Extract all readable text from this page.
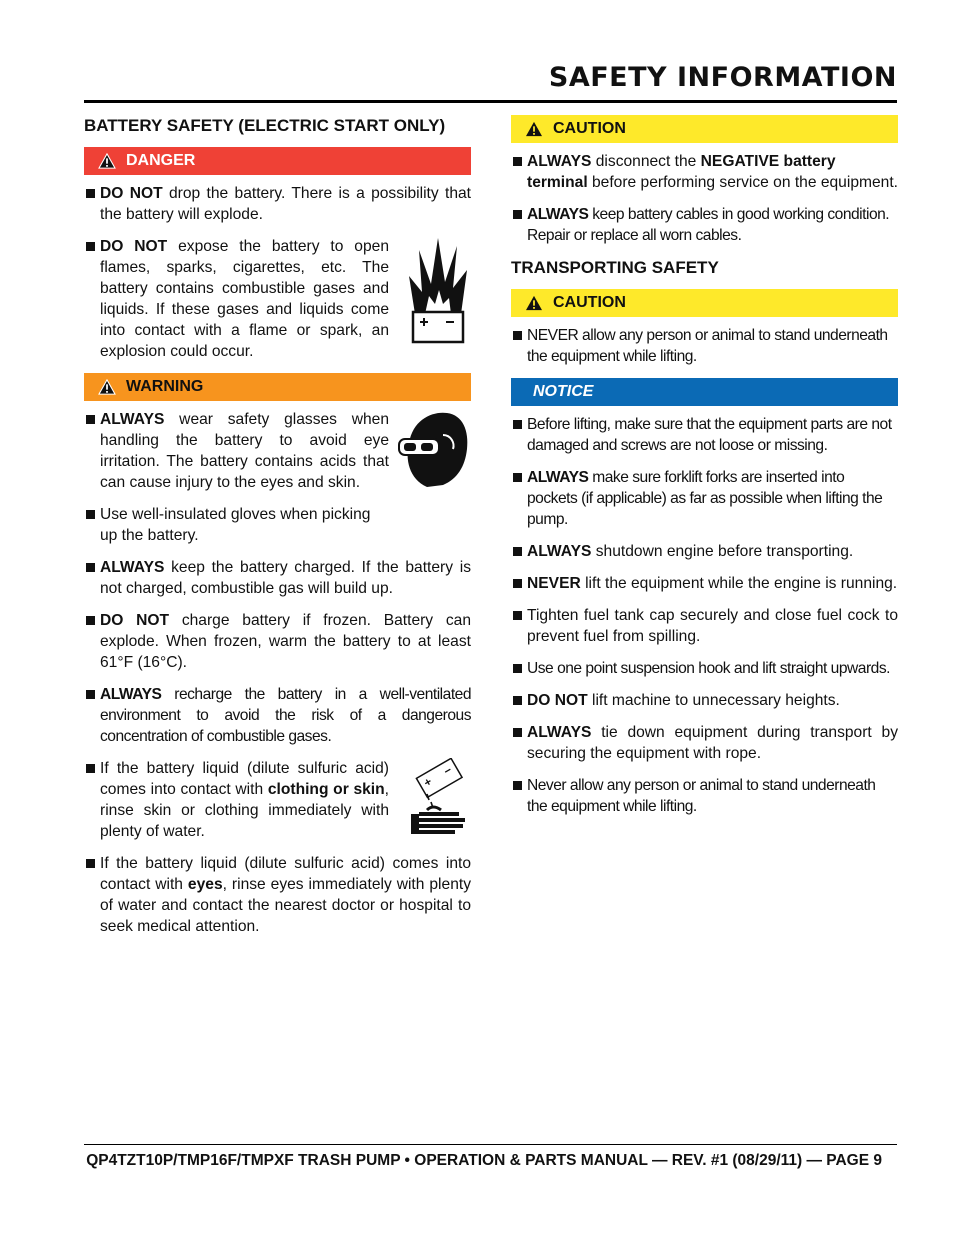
SAFETY INFORMATION
BATTERY SAFETY (ELECTRIC START ONLY)
DANGER
DO NOT drop the battery. There is a possibility that the battery will explode.
DO NOT expose the battery to open flames, sparks, cigarettes, etc. The battery contains combustible gases and liquids. If these gases and liquids come into contact with a flame or spark, an explosion could occur.
WARNING
ALWAYS wear safety glasses when handling the battery to avoid eye irritation. The battery contains acids that can cause injury to the eyes and skin.
Use well-insulated gloves when picking up the battery.
ALWAYS keep the battery charged. If the battery is not charged, combustible gas will build up.
DO NOT charge battery if frozen. Battery can explode. When frozen, warm the battery to at least 61°F (16°C).
ALWAYS recharge the battery in a well-ventilated environment to avoid the risk of a dangerous concentration of combustible gases.
If the battery liquid (dilute sulfuric acid) comes into contact with clothing or skin, rinse skin or clothing immediately with plenty of water.
If the battery liquid (dilute sulfuric acid) comes into contact with eyes, rinse eyes immediately with plenty of water and contact the nearest doctor or hospital to seek medical attention.
CAUTION
ALWAYS disconnect the NEGATIVE battery terminal before performing service on the equipment.
ALWAYS keep battery cables in good working condition. Repair or replace all worn cables.
TRANSPORTING SAFETY
CAUTION
NEVER allow any person or animal to stand underneath the equipment while lifting.
NOTICE
Before lifting, make sure that the equipment parts are not damaged and screws are not loose or missing.
ALWAYS make sure forklift forks are inserted into pockets (if applicable) as far as possible when lifting the pump.
ALWAYS shutdown engine before transporting.
NEVER lift the equipment while the engine is running.
Tighten fuel tank cap securely and close fuel cock to prevent fuel from spilling.
Use one point suspension hook and lift straight upwards.
DO NOT lift machine to unnecessary heights.
ALWAYS tie down equipment during transport by securing the equipment with rope.
Never allow any person or animal to stand underneath the equipment while lifting.
QP4TZT10P/TMP16F/TMPXF TRASH PUMP • OPERATION & PARTS MANUAL — REV. #1 (08/29/11) — PAGE 9
